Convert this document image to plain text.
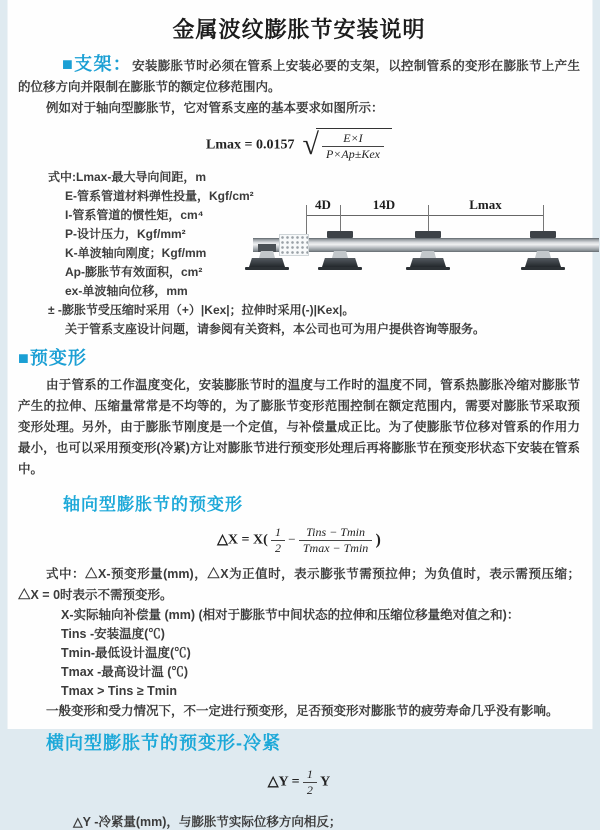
金属波纹膨胀节安装说明

■支架：安装膨胀节时必须在管系上安装必要的支架，以控制管系的变形在膨胀节上产生的位移方向并限制在膨胀节的额定位移范围内。

例如对于轴向型膨胀节，它对管系支座的基本要求如图所示：

Lmax = 0.0157 √ $\frac{E\times I}{\text{P×Ap±Kex}}$
式中:Lmax-最大导向间距，m
E-管系管道材料弹性投量，Kgf/cm²
I-管系管道的惯性矩，cm⁴
P-设计压力，Kgf/mm²
K-单波轴向刚度；Kgf/mm
Ap-膨胀节有效面积，cm²
ex-单波轴向位移，mm
± -膨胀节受压缩时采用（+）|Kex|；拉伸时采用(-)|Kex|。
关于管系支座设计问题，请参阅有关资料，本公司也可为用户提供咨询等服务。

■预变形

由于管系的工作温度变化，安装膨胀节时的温度与工作时的温度不同，管系热膨胀冷缩对膨胀节产生的拉伸、压缩量常常是不均等的，为了膨胀节变形范围控制在额定范围内，需要对膨胀节采取预变形处理。另外，由于膨胀节刚度是一个定值，与补偿量成正比。为了使膨胀节位移对管系的作用力最小，也可以采用预变形(冷紧)方让对膨胀节进行预变形处理后再将膨胀节在预变形状态下安装在管系中。

轴向型膨胀节的预变形
△X = $X( \frac{1}{2} - \frac{\text{Tins − Tmin}}{Tmax - Tmin}$ )

式中：△X-预变形量(mm)，△X为正值时，表示膨张节需预拉伸；为负值时，表示需预压缩；△X = 0时表示不需预变形。

X-实际轴向补偿量 (mm) (相对于膨胀节中间状态的拉伸和压缩位移量绝对值之和)：
Tins -安装温度(℃)
Tmin-最低设计温度(℃)
Tmax -最高设计温 (℃)
Tmax > Tins ≥ Tmin
一般变形和受力情况下，不一定进行预变形，足否预变形对膨胀节的疲劳寿命几乎没有影响。
横向型膨胀节的预变形-冷紧
△Y = $\frac{1}{2}$ Y
△Y -冷紧量(mm)，与膨胀节实际位移方向相反；
4D	14D	Lmax
